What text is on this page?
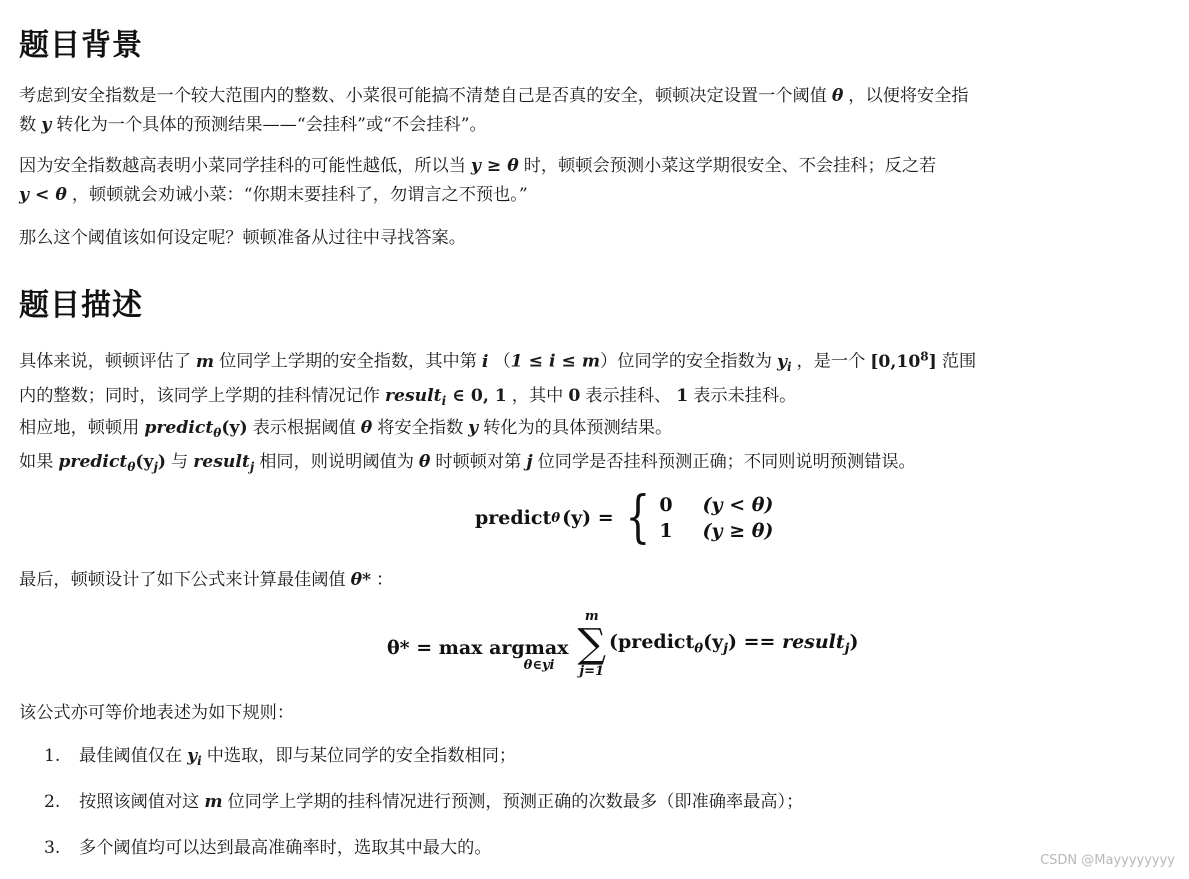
题目背景

考虑到安全指数是一个较大范围内的整数、小菜很可能搞不清楚自己是否真的安全，顿顿决定设置一个阈值 θ ，以便将安全指
数 y 转化为一个具体的预测结果——“会挂科”或“不会挂科”。

因为安全指数越高表明小菜同学挂科的可能性越低，所以当 y ≥ θ 时，顿顿会预测小菜这学期很安全、不会挂科；反之若
y < θ ，顿顿就会劝诫小菜：“你期末要挂科了，勿谓言之不预也。”

那么这个阈值该如何设定呢？顿顿准备从过往中寻找答案。

题目描述

具体来说，顿顿评估了 m 位同学上学期的安全指数，其中第 i （1 ≤ i ≤ m）位同学的安全指数为 $y_i$ ，是一个 [0,10$^8$] 范围
内的整数；同时，该同学上学期的挂科情况记作 result$_i$ ∈ 0, 1 ，其中 0 表示挂科、 1 表示未挂科。

相应地，顿顿用 predict$_\theta$(y) 表示根据阈值 θ 将安全指数 y 转化为的具体预测结果。
如果 $predict_\theta(y_j)$ 与 result$_j$ 相同，则说明阈值为 θ 时顿顿对第 j 位同学是否挂科预测正确；不同则说明预测错误。

predict θ (y) = { 0 (y < θ)
1 (y ≥ θ)

最后，顿顿设计了如下公式来计算最佳阈值 θ* ：

θ* = max argmax
θ∈yi
m
∑
j=1
($predict_\theta(y_j)$ == result$_j$)

该公式亦可等价地表述为如下规则：

1.	最佳阈值仅在 $y_i$ 中选取，即与某位同学的安全指数相同；
2.	按照该阈值对这 m 位同学上学期的挂科情况进行预测，预测正确的次数最多（即准确率最高）；
3.	多个阈值均可以达到最高准确率时，选取其中最大的。
CSDN @Mayyyyyyyy
